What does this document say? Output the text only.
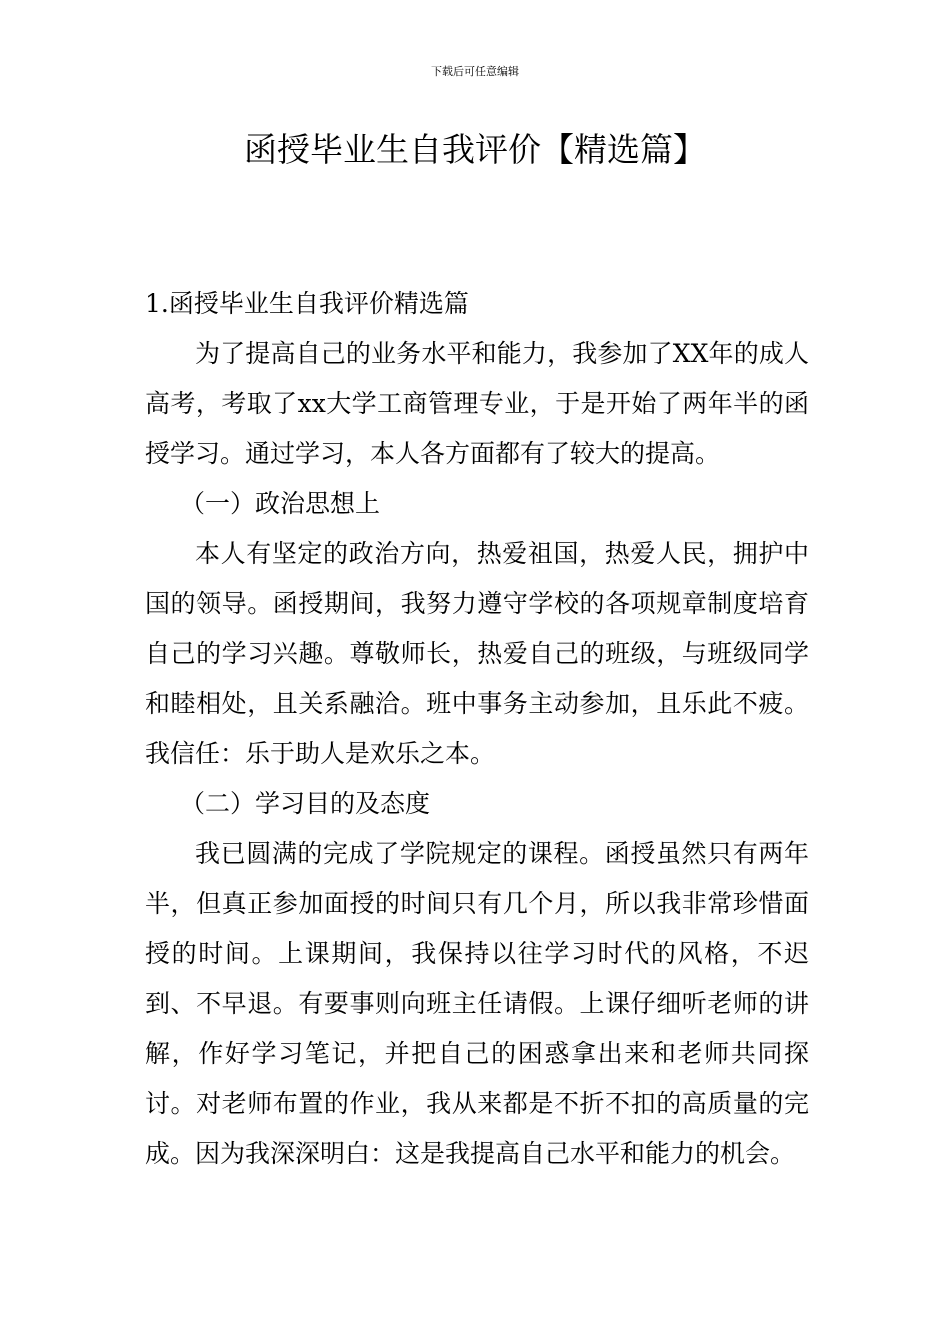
下载后可任意编辑
函授毕业生自我评价【精选篇】

1.函授毕业生自我评价精选篇

为了提高自己的业务水平和能力，我参加了XX年的成人高考，考取了xx大学工商管理专业，于是开始了两年半的函授学习。通过学习，本人各方面都有了较大的提高。

（一）政治思想上

本人有坚定的政治方向，热爱祖国，热爱人民，拥护中国的领导。函授期间，我努力遵守学校的各项规章制度培育自己的学习兴趣。尊敬师长，热爱自己的班级，与班级同学和睦相处，且关系融洽。班中事务主动参加，且乐此不疲。我信任：乐于助人是欢乐之本。

（二）学习目的及态度

我已圆满的完成了学院规定的课程。函授虽然只有两年半，但真正参加面授的时间只有几个月，所以我非常珍惜面授的时间。上课期间，我保持以往学习时代的风格，不迟到、不早退。有要事则向班主任请假。上课仔细听老师的讲解，作好学习笔记，并把自己的困惑拿出来和老师共同探讨。对老师布置的作业，我从来都是不折不扣的高质量的完成。因为我深深明白：这是我提高自己水平和能力的机会。
